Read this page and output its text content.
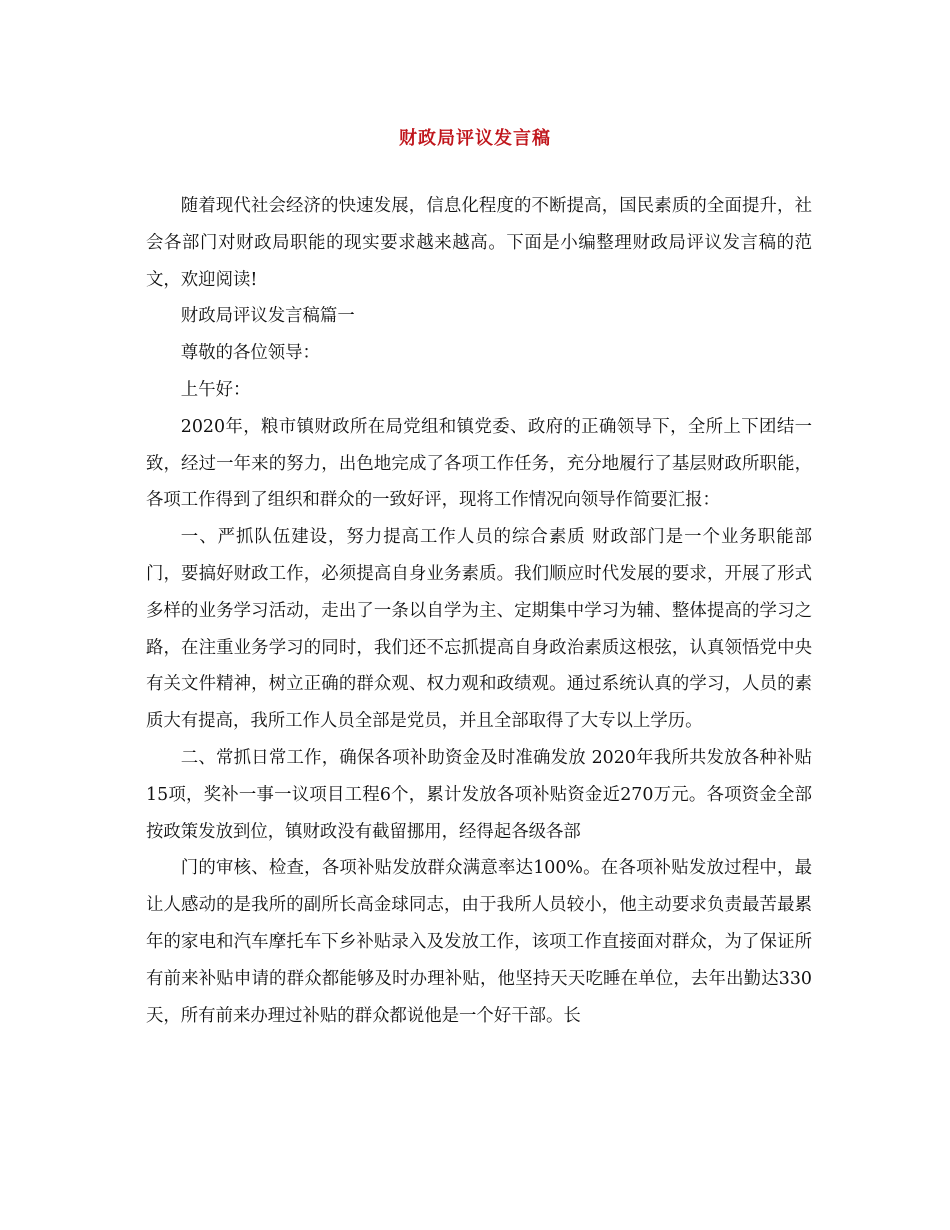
财政局评议发言稿

随着现代社会经济的快速发展，信息化程度的不断提高，国民素质的全面提升，社会各部门对财政局职能的现实要求越来越高。下面是小编整理财政局评议发言稿的范文，欢迎阅读!

财政局评议发言稿篇一

尊敬的各位领导：

上午好：

2020年，粮市镇财政所在局党组和镇党委、政府的正确领导下，全所上下团结一致，经过一年来的努力，出色地完成了各项工作任务，充分地履行了基层财政所职能，各项工作得到了组织和群众的一致好评，现将工作情况向领导作简要汇报：

一、严抓队伍建设，努力提高工作人员的综合素质 财政部门是一个业务职能部门，要搞好财政工作，必须提高自身业务素质。我们顺应时代发展的要求，开展了形式多样的业务学习活动，走出了一条以自学为主、定期集中学习为辅、整体提高的学习之路，在注重业务学习的同时，我们还不忘抓提高自身政治素质这根弦，认真领悟党中央有关文件精神，树立正确的群众观、权力观和政绩观。通过系统认真的学习，人员的素质大有提高，我所工作人员全部是党员，并且全部取得了大专以上学历。

二、常抓日常工作，确保各项补助资金及时准确发放 2020年我所共发放各种补贴15项，奖补一事一议项目工程6个，累计发放各项补贴资金近270万元。各项资金全部按政策发放到位，镇财政没有截留挪用，经得起各级各部

门的审核、检查，各项补贴发放群众满意率达100%。在各项补贴发放过程中，最让人感动的是我所的副所长高金球同志，由于我所人员较小，他主动要求负责最苦最累年的家电和汽车摩托车下乡补贴录入及发放工作，该项工作直接面对群众，为了保证所有前来补贴申请的群众都能够及时办理补贴，他坚持天天吃睡在单位，去年出勤达330天，所有前来办理过补贴的群众都说他是一个好干部。长
